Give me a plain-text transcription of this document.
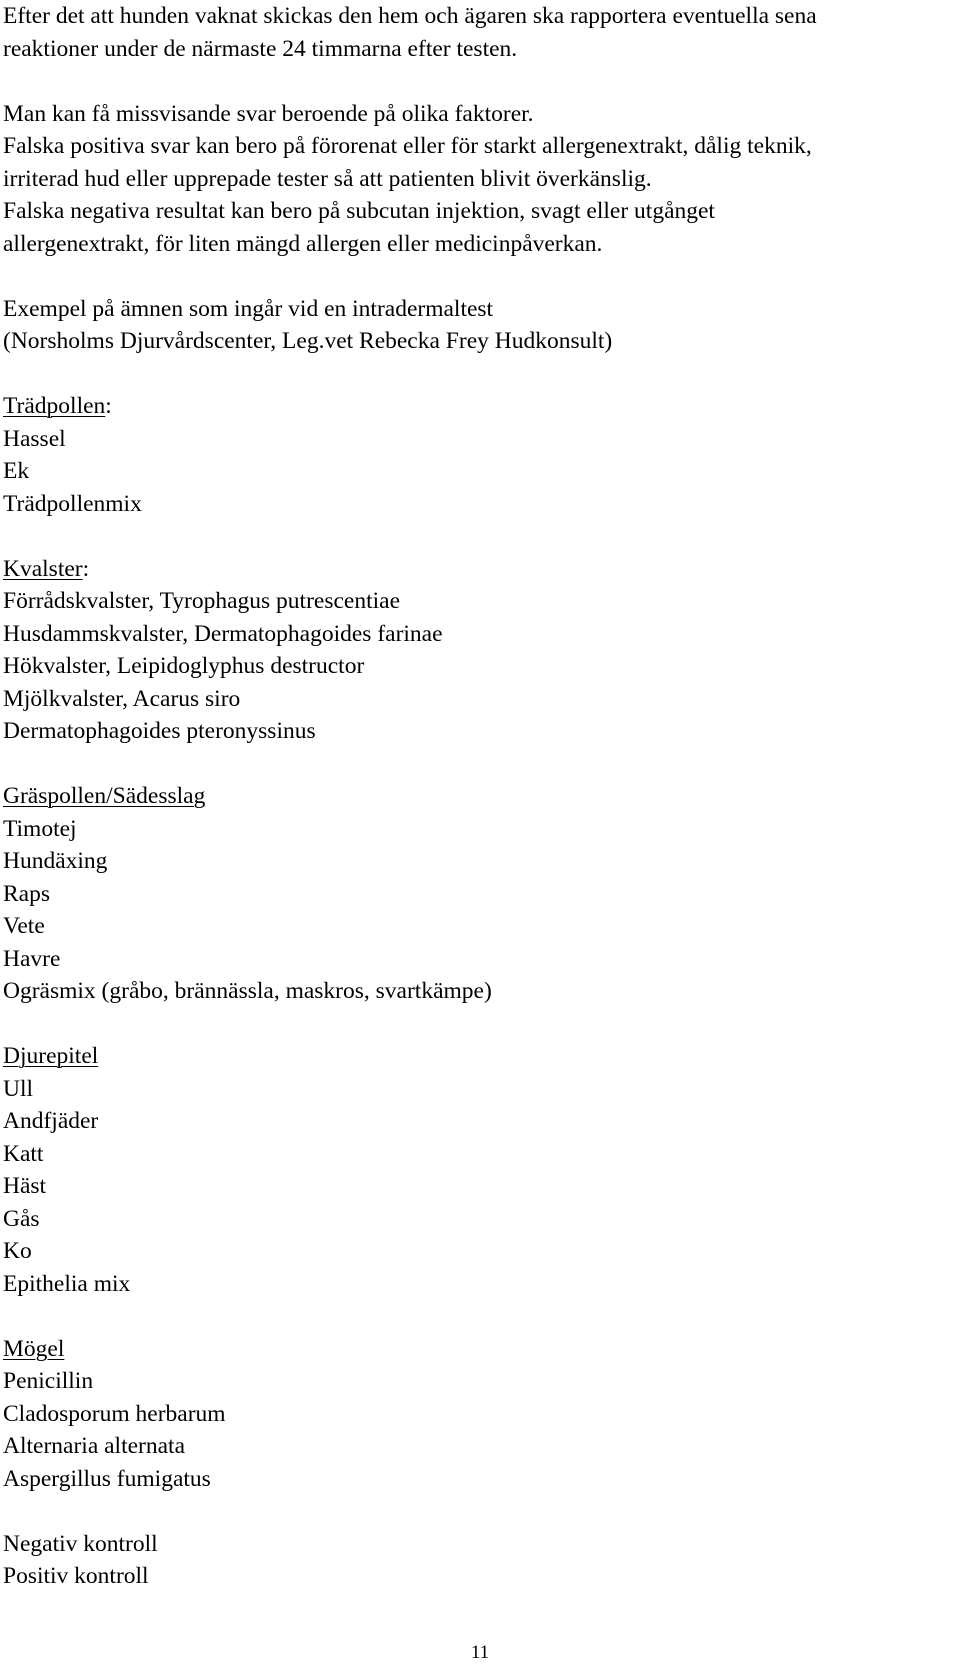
Efter det att hunden vaknat skickas den hem och ägaren ska rapportera eventuella sena
reaktioner under de närmaste 24 timmarna efter testen.
Man kan få missvisande svar beroende på olika faktorer.
Falska positiva svar kan bero på förorenat eller för starkt allergenextrakt, dålig teknik,
irriterad hud eller upprepade tester så att patienten blivit överkänslig.
Falska negativa resultat kan bero på subcutan injektion, svagt eller utgånget
allergenextrakt, för liten mängd allergen eller medicinpåverkan.
Exempel på ämnen som ingår vid en intradermaltest
(Norsholms Djurvårdscenter, Leg.vet Rebecka Frey Hudkonsult)
Trädpollen:
Hassel
Ek
Trädpollenmix
Kvalster:
Förrådskvalster, Tyrophagus putrescentiae
Husdammskvalster, Dermatophagoides farinae
Hökvalster, Leipidoglyphus destructor
Mjölkvalster, Acarus siro
Dermatophagoides pteronyssinus
Gräspollen/Sädesslag
Timotej
Hundäxing
Raps
Vete
Havre
Ogräsmix (gråbo, brännässla, maskros, svartkämpe)
Djurepitel
Ull
Andfjäder
Katt
Häst
Gås
Ko
Epithelia mix
Mögel
Penicillin
Cladosporum herbarum
Alternaria alternata
Aspergillus fumigatus
Negativ kontroll
Positiv kontroll
11
